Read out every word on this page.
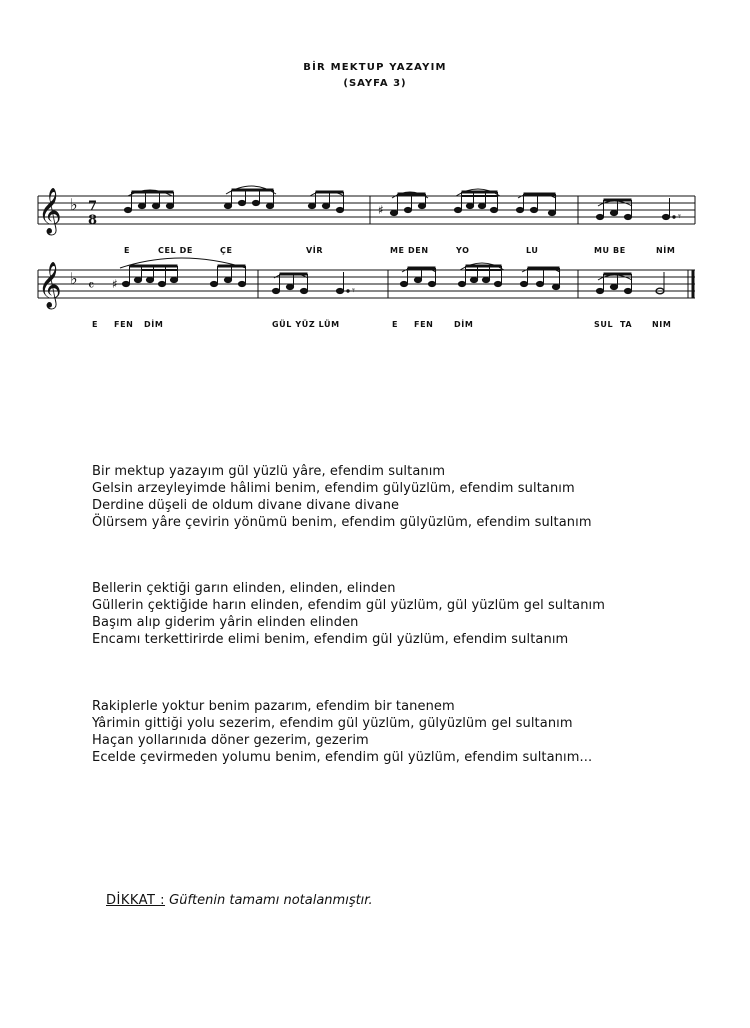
BİR MEKTUP YAZAYIM
(SAYFA 3)
𝄞
𝄞
♭
♭
7
8
𝄴
♯	𝄾
♯	𝄾
E	CEL DE	ÇE	VİR	ME DEN	YO	LU	MU BE	NİM
E FEN DİM	GÜL YÜZ LÜM	E FEN	DİM	SUL TA NIM
Bir mektup yazayım gül yüzlü yâre, efendim sultanım
Gelsin arzeyleyimde hâlimi benim, efendim gülyüzlüm, efendim sultanım
Derdine düşeli de oldum divane divane divane
Ölürsem yâre çevirin yönümü benim, efendim gülyüzlüm, efendim sultanım
Bellerin çektiği garın elinden, elinden, elinden
Güllerin çektiğide harın elinden, efendim gül yüzlüm, gül yüzlüm gel sultanım
Başım alıp giderim yârin elinden elinden
Encamı terkettirirde elimi benim, efendim gül yüzlüm, efendim sultanım
Rakiplerle yoktur benim pazarım, efendim bir tanenem
Yârimin gittiği yolu sezerim, efendim gül yüzlüm, gülyüzlüm gel sultanım
Haçan yollarınıda döner gezerim, gezerim
Ecelde çevirmeden yolumu benim, efendim gül yüzlüm, efendim sultanım...
DİKKAT : Güftenin tamamı notalanmıştır.
